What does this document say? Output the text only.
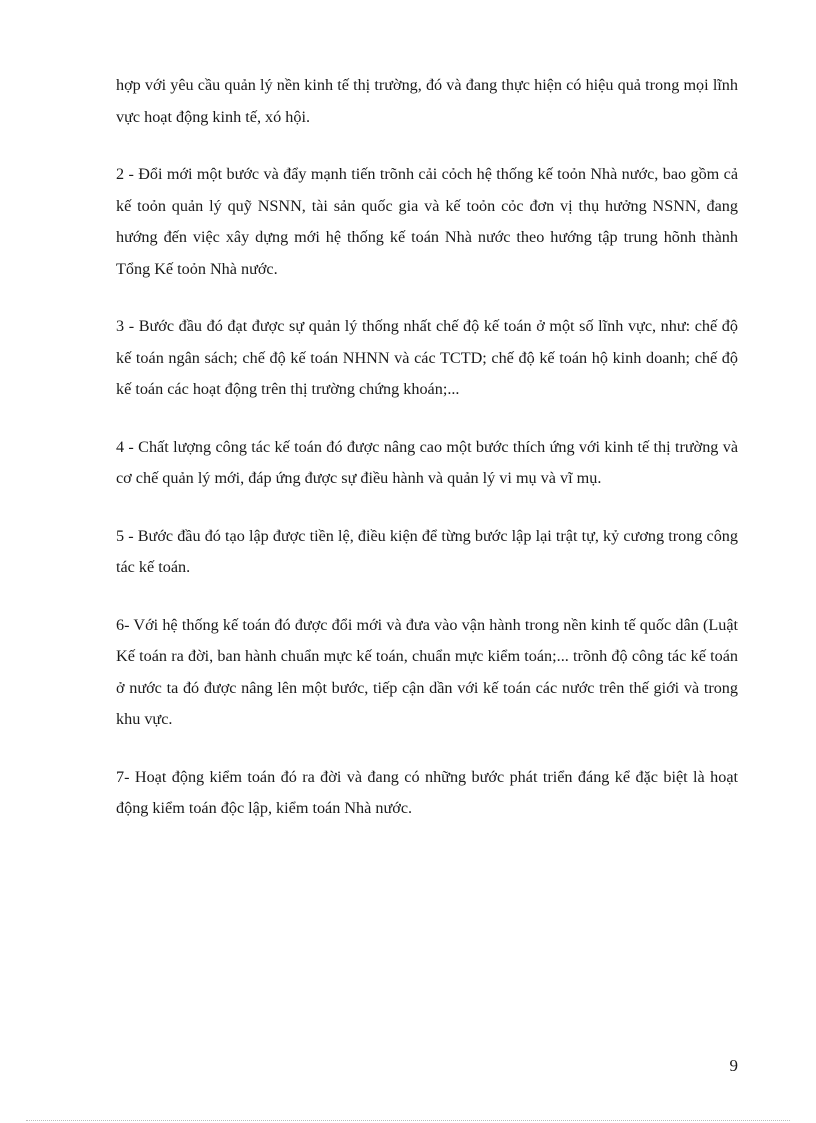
hợp với yêu cầu quản lý nền kinh tế thị trường, đó và đang thực hiện có hiệu quả trong mọi lĩnh vực hoạt động kinh tế, xó hội.

2 - Đổi mới một bước và đẩy mạnh tiến trõnh cải cỏch hệ thống kế toỏn Nhà nước, bao gồm cả kế toỏn quản lý quỹ NSNN, tài sản quốc gia và kế toỏn cỏc đơn vị thụ hưởng NSNN, đang hướng đến việc xây dựng mới hệ thống kế toán Nhà nước theo hướng tập trung hõnh thành Tổng Kế toỏn Nhà nước.

3 - Bước đầu đó đạt được sự quản lý thống nhất chế độ kế toán ở một số lĩnh vực, như: chế độ kế toán ngân sách; chế độ kế toán NHNN và các TCTD; chế độ kế toán hộ kinh doanh; chế độ kế toán các hoạt động trên thị trường chứng khoán;...

4 - Chất lượng công tác kế toán đó được nâng cao một bước thích ứng với kinh tế thị trường và cơ chế quản lý mới, đáp ứng được sự điều hành và quản lý vi mụ và vĩ mụ.

5 - Bước đầu đó tạo lập được tiền lệ, điều kiện để từng bước lập lại trật tự, kỷ cương trong công tác kế toán.

6- Với hệ thống kế toán đó được đổi mới và đưa vào vận hành trong nền kinh tế quốc dân (Luật Kế toán ra đời, ban hành chuẩn mực kế toán, chuẩn mực kiểm toán;... trõnh độ công tác kế toán ở nước ta đó được nâng lên một bước, tiếp cận dần với kế toán các nước trên thế giới và trong khu vực.

7- Hoạt động kiểm toán đó ra đời và đang có những bước phát triển đáng kể đặc biệt là hoạt động kiểm toán độc lập, kiểm toán Nhà nước.

9
